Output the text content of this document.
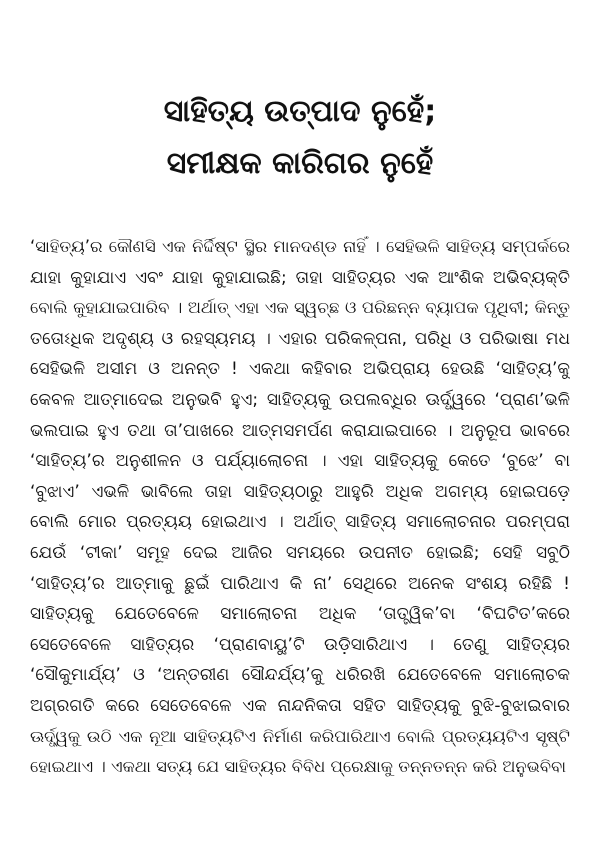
ସାହିତ୍ୟ ଉତ୍ପାଦ ନୁହେଁ;
ସମୀକ୍ଷକ କାରିଗର ନୁହେଁ
‘ସାହିତ୍ୟ’ର କୌଣସି ଏକ ନିର୍ଦ୍ଦିଷ୍ଟ ସ୍ଥିର ମାନଦଣ୍ଡ ନାହିଁ । ସେହିଭଳି ସାହିତ୍ୟ ସମ୍ପର୍କରେ
ଯାହା କୁହାଯାଏ ଏବଂ ଯାହା କୁହାଯାଇଛି; ତାହା ସାହିତ୍ୟର ଏକ ଆଂଶିକ ଅଭିବ୍ୟକ୍ତି
ବୋଲି କୁହାଯାଇପାରିବ । ଅର୍ଥାତ୍ ଏହା ଏକ ସ୍ୱଚ୍ଛ ଓ ପରିଛନ୍ନ ବ୍ୟାପକ ପୃଥିବୀ; କିନ୍ତୁ
ତତୋଽଧିକ ଅଦୃଶ୍ୟ ଓ ରହସ୍ୟମୟ । ଏହାର ପରିକଳ୍ପନା, ପରିଧି ଓ ପରିଭାଷା ମଧ
ସେହିଭଳି ଅସୀମ ଓ ଅନନ୍ତ ! ଏକଥା କହିବାର ଅଭିପ୍ରାୟ ହେଉଛି ‘ସାହିତ୍ୟ’କୁ
କେବଳ ଆତ୍ମାଦେଇ ଅନୁଭବି ହୁଏ; ସାହିତ୍ୟକୁ ଉପଲବ୍ଧିର ଊର୍ଦ୍ଧ୍ୱରେ ‘ପ୍ରାଣ’ଭଳି
ଭଲପାଇ ହୁଏ ତଥା ତା’ପାଖରେ ଆତ୍ମସମର୍ପଣ କରାଯାଇପାରେ । ଅନୁରୂପ ଭାବରେ
‘ସାହିତ୍ୟ’ର ଅନୁଶୀଳନ ଓ ପର୍ଯ୍ୟାଲୋଚନା । ଏହା ସାହିତ୍ୟକୁ କେତେ ‘ବୁଝେ’ ବା
‘ବୁଝାଏ’ ଏଭଳି ଭାବିଲେ ତାହା ସାହିତ୍ୟଠାରୁ ଆହୁରି ଅଧିକ ଅଗମ୍ୟ ହୋଇପଡ଼େ
ବୋଲି ମୋର ପ୍ରତ୍ୟୟ ହୋଇଥାଏ । ଅର୍ଥାତ୍ ସାହିତ୍ୟ ସମାଲୋଚନାର ପରମ୍ପରା
ଯେଉଁ ‘ଟୀକା’ ସମୂହ ଦେଇ ଆଜିର ସମୟରେ ଉପନୀତ ହୋଇଛି; ସେହି ସବୁଠି
‘ସାହିତ୍ୟ’ର ଆତ୍ମାକୁ ଛୁଇଁ ପାରିଥାଏ କି ନା’ ସେଥିରେ ଅନେକ ସଂଶୟ ରହିଛି !
ସାହିତ୍ୟକୁ ଯେତେବେଳେ ସମାଲୋଚନା ଅଧିକ ‘ତାତ୍ତ୍ୱିକ’ବା ‘ବିଘଟିତ’କରେ
ସେତେବେଳେ ସାହିତ୍ୟର ‘ପ୍ରାଣବାୟୁ’ଟି ଉଡ଼ିସାରିଥାଏ । ତେଣୁ ସାହିତ୍ୟର
‘ସୌକୁମାର୍ଯ୍ୟ’ ଓ ‘ଅନ୍ତରୀଣ ସୌନ୍ଦର୍ଯ୍ୟ’କୁ ଧରିରଖି ଯେତେବେଳେ ସମାଲୋଚକ
ଅଗ୍ରଗତି କରେ ସେତେବେଳେ ଏକ ନାନ୍ଦନିକତା ସହିତ ସାହିତ୍ୟକୁ ବୁଝି-ବୁଝାଇବାର
ଊର୍ଦ୍ଧ୍ୱକୁ ଉଠି ଏକ ନୂଆ ସାହିତ୍ୟଟିଏ ନିର୍ମାଣ କରିପାରିଥାଏ ବୋଲି ପ୍ରତ୍ୟୟଟିଏ ସୃଷ୍ଟି
ହୋଇଥାଏ । ଏକଥା ସତ୍ୟ ଯେ ସାହିତ୍ୟର ବିବିଧ ପ୍ରେକ୍ଷାକୁ ତନ୍ନତନ୍ନ କରି ଅନୁଭବିବା
